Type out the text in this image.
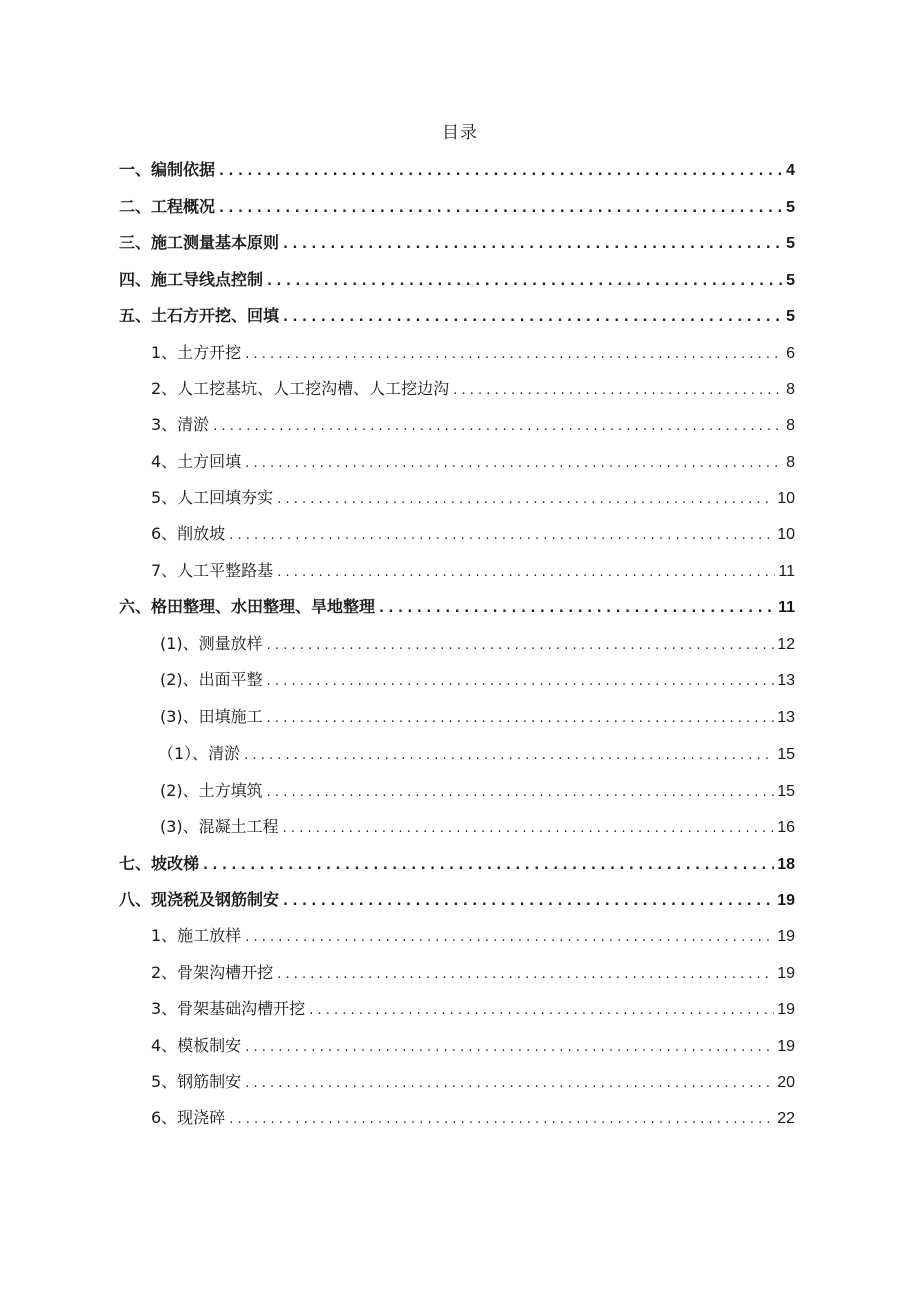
目录
一、编制依据 . . .	4
二、工程概况 . . .	5
三、施工测量基本原则 . . .	5
四、施工导线点控制 . . .	5
五、土石方开挖、回填 . . .	5
1、土方开挖 . . .	6
2、人工挖基坑、人工挖沟槽、人工挖边沟 . . .	8
3、清淤 . . .	8
4、土方回填 . . .	8
5、人工回填夯实 . . .	10
6、削放坡 . . .	10
7、人工平整路基 . . .	11
六、格田整理、水田整理、旱地整理 . . .	11
(1)、测量放样 . . .	12
(2)、出面平整 . . .	13
(3)、田填施工 . . .	13
（1）、清淤 . . .	15
(2)、土方填筑 . . .	15
(3)、混凝土工程 . . .	16
七、坡改梯 . . .	18
八、现浇税及钢筋制安 . . .	19
1、施工放样 . . .	19
2、骨架沟槽开挖 . . .	19
3、骨架基础沟槽开挖 . . .	19
4、模板制安 . . .	19
5、钢筋制安 . . .	20
6、现浇碎 . . .	22
